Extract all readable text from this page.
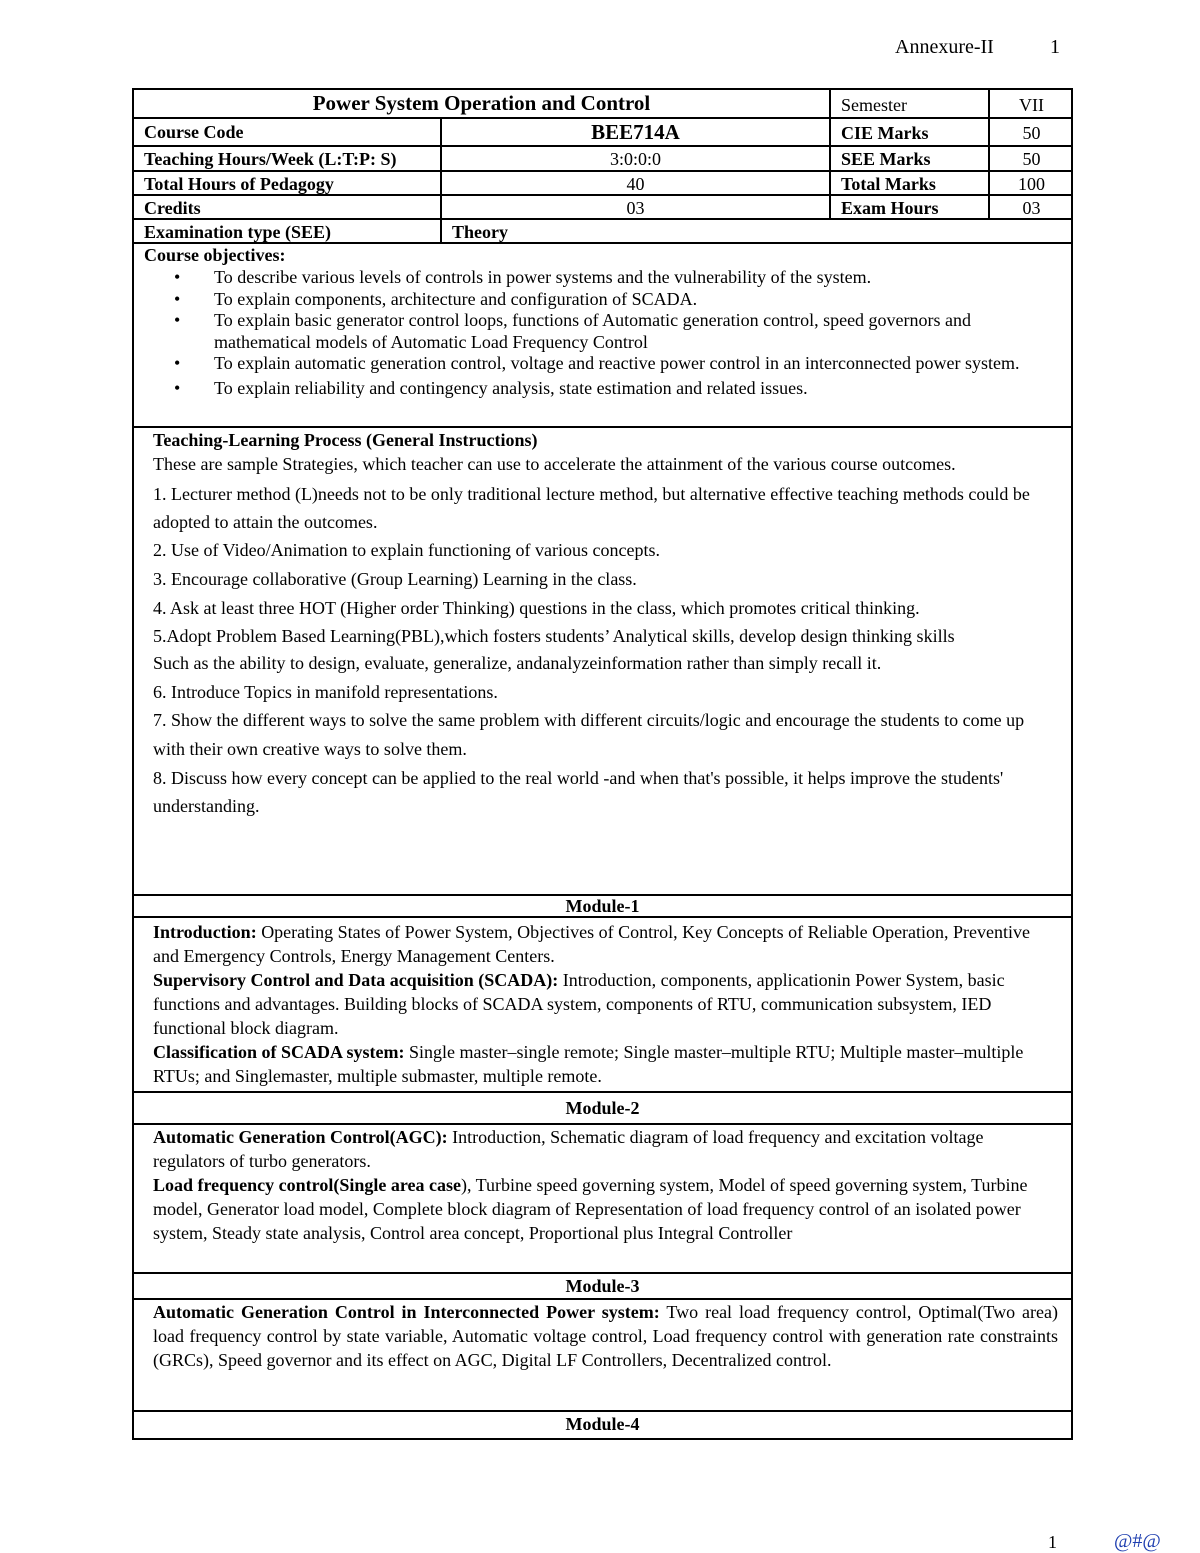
Annexure-II	1
Power System Operation and Control	Semester	VII
Course Code	BEE714A	CIE Marks	50
Teaching Hours/Week (L:T:P: S)	3:0:0:0	SEE Marks	50
Total Hours of Pedagogy	40	Total Marks	100
Credits	03	Exam Hours	03
Examination type (SEE)	Theory
Course objectives:
• To describe various levels of controls in power systems and the vulnerability of the system.
• To explain components, architecture and configuration of SCADA.
• To explain basic generator control loops, functions of Automatic generation control, speed governors and mathematical models of Automatic Load Frequency Control
• To explain automatic generation control, voltage and reactive power control in an interconnected power system.
• To explain reliability and contingency analysis, state estimation and related issues.

Teaching-Learning Process (General Instructions)

These are sample Strategies, which teacher can use to accelerate the attainment of the various course outcomes.

1. Lecturer method (L)needs not to be only traditional lecture method, but alternative effective teaching methods could be adopted to attain the outcomes.

2. Use of Video/Animation to explain functioning of various concepts.

3. Encourage collaborative (Group Learning) Learning in the class.

4. Ask at least three HOT (Higher order Thinking) questions in the class, which promotes critical thinking.

5.Adopt Problem Based Learning(PBL),which fosters students’ Analytical skills, develop design thinking skills

Such as the ability to design, evaluate, generalize, andanalyzeinformation rather than simply recall it.

6. Introduce Topics in manifold representations.

7. Show the different ways to solve the same problem with different circuits/logic and encourage the students to come up with their own creative ways to solve them.

8. Discuss how every concept can be applied to the real world -and when that's possible, it helps improve the students' understanding.

Module-1

Introduction: Operating States of Power System, Objectives of Control, Key Concepts of Reliable Operation, Preventive and Emergency Controls, Energy Management Centers.

Supervisory Control and Data acquisition (SCADA): Introduction, components, applicationin Power System, basic functions and advantages. Building blocks of SCADA system, components of RTU, communication subsystem, IED functional block diagram.

Classification of SCADA system: Single master–single remote; Single master–multiple RTU; Multiple master–multiple RTUs; and Singlemaster, multiple submaster, multiple remote.

Module-2

Automatic Generation Control(AGC): Introduction, Schematic diagram of load frequency and excitation voltage regulators of turbo generators.

Load frequency control(Single area case), Turbine speed governing system, Model of speed governing system, Turbine model, Generator load model, Complete block diagram of Representation of load frequency control of an isolated power system, Steady state analysis, Control area concept, Proportional plus Integral Controller

Module-3

Automatic Generation Control in Interconnected Power system: Two real load frequency control, Optimal(Two area) load frequency control by state variable, Automatic voltage control, Load frequency control with generation rate constraints (GRCs), Speed governor and its effect on AGC, Digital LF Controllers, Decentralized control.

Module-4
1	@#@
